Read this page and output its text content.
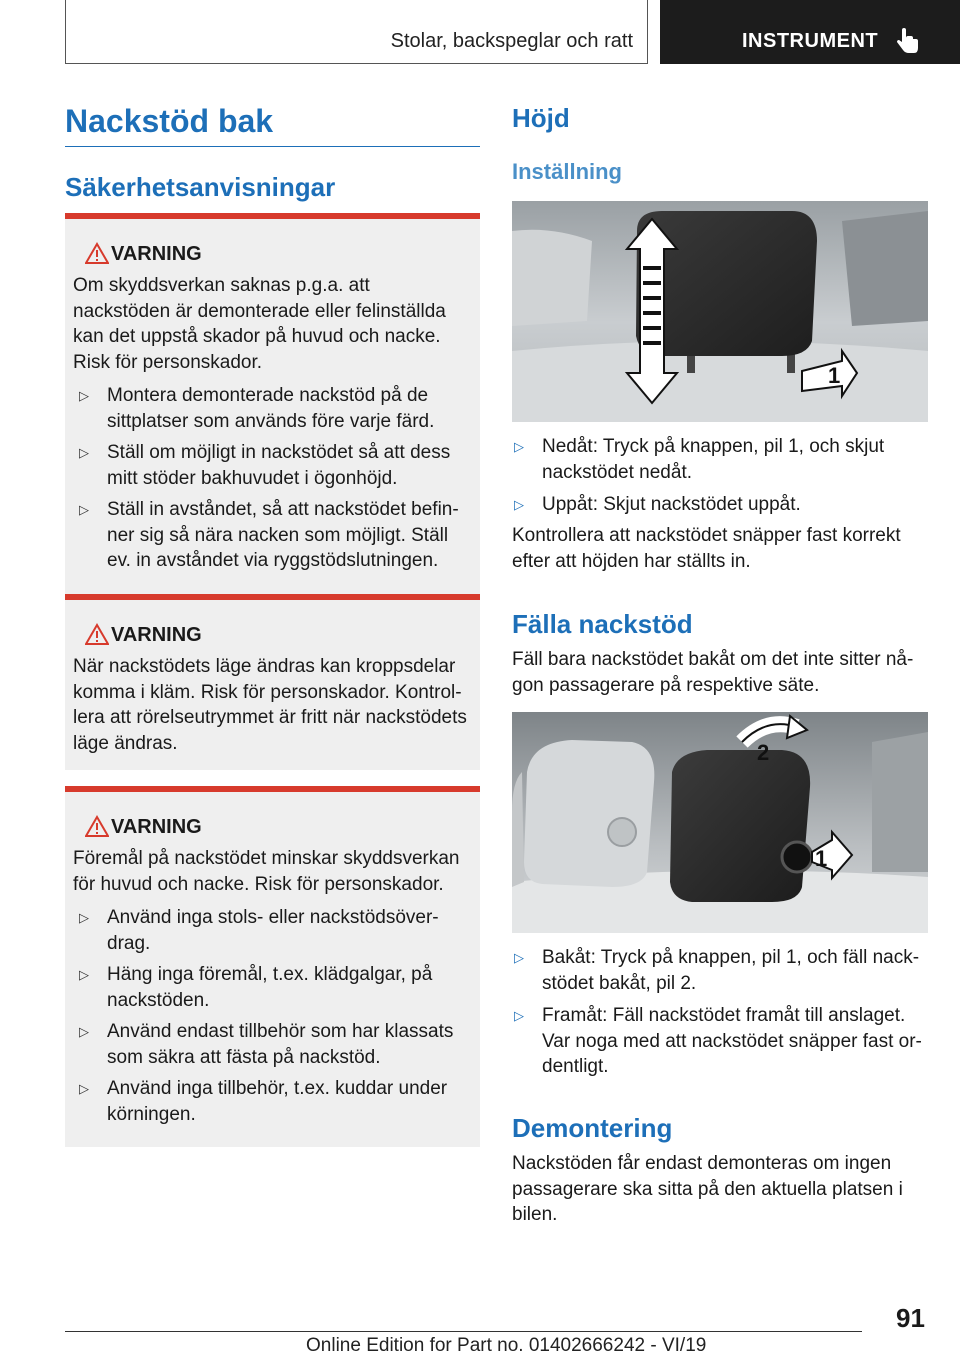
Stolar, backspeglar och ratt	INSTRUMENT
Nackstöd bak
Säkerhetsanvisningar
VARNING

Om skyddsverkan saknas p.g.a. att nackstöden är demonterade eller felinställda kan det uppstå skador på huvud och nacke. Risk för personskador.

▷ Montera demonterade nackstöd på de sittplatser som används före varje färd.
▷ Ställ om möjligt in nackstödet så att dess mitt stöder bakhuvudet i ögonhöjd.
▷ Ställ in avståndet, så att nackstödet befinner sig så nära nacken som möjligt. Ställ ev. in avståndet via ryggstödslutningen.
VARNING

När nackstödets läge ändras kan kroppsdelar komma i kläm. Risk för personskador. Kontrollera att rörelseutrymmet är fritt när nackstödets läge ändras.

VARNING

Föremål på nackstödet minskar skyddsverkan för huvud och nacke. Risk för personskador.

▷ Använd inga stols- eller nackstödsöverdrag.
▷ Häng inga föremål, t.ex. klädgalgar, på nackstöden.
▷ Använd endast tillbehör som har klassats som säkra att fästa på nackstöd.
▷ Använd inga tillbehör, t.ex. kuddar under körningen.
Höjd
Inställning
1
▷ Nedåt: Tryck på knappen, pil 1, och skjut nackstödet nedåt.
▷ Uppåt: Skjut nackstödet uppåt.
Kontrollera att nackstödet snäpper fast korrekt efter att höjden har ställts in.
Fälla nackstöd
Fäll bara nackstödet bakåt om det inte sitter någon passagerare på respektive säte.
2
1
▷ Bakåt: Tryck på knappen, pil 1, och fäll nackstödet bakåt, pil 2.
▷ Framåt: Fäll nackstödet framåt till anslaget. Var noga med att nackstödet snäpper fast ordentligt.
Demontering
Nackstöden får endast demonteras om ingen passagerare ska sitta på den aktuella platsen i bilen.
91
Online Edition for Part no. 01402666242 - VI/19
